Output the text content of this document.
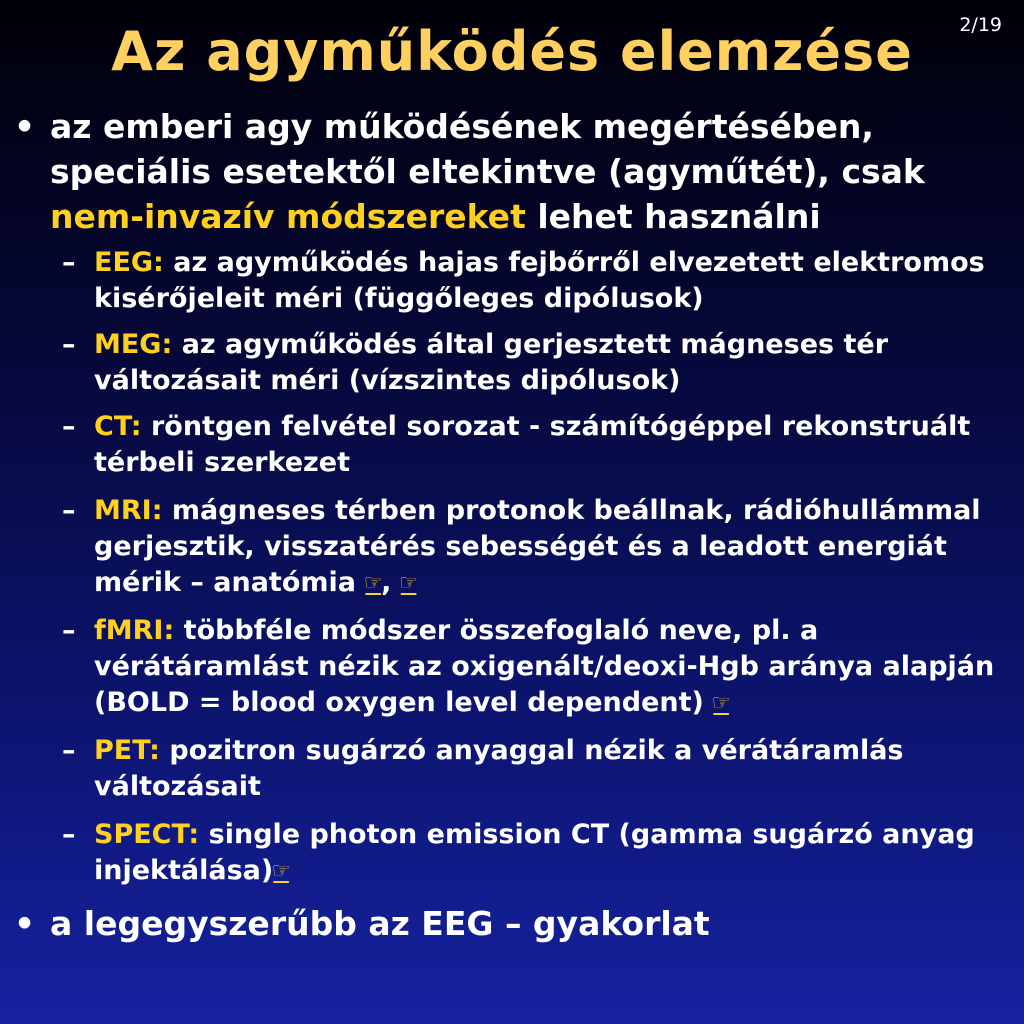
2/19
Az agyműködés elemzése
• az emberi agy működésének megértésében, speciális esetektől eltekintve (agyműtét), csak nem-invazív módszereket lehet használni
– EEG: az agyműködés hajas fejbőrről elvezetett elektromos kisérőjeleit méri (függőleges dipólusok)
– MEG: az agyműködés által gerjesztett mágneses tér változásait méri (vízszintes dipólusok)
– CT: röntgen felvétel sorozat - számítógéppel rekonstruált térbeli szerkezet
– MRI: mágneses térben protonok beállnak, rádióhullámmal gerjesztik, visszatérés sebességét és a leadott energiát mérik – anatómia ☞, ☞
– fMRI: többféle módszer összefoglaló neve, pl. a vérátáramlást nézik az oxigenált/deoxi-Hgb aránya alapján (BOLD = blood oxygen level dependent) ☞
– PET: pozitron sugárzó anyaggal nézik a vérátáramlás változásait
– SPECT: single photon emission CT (gamma sugárzó anyag injektálása)☞
• a legegyszerűbb az EEG – gyakorlat
